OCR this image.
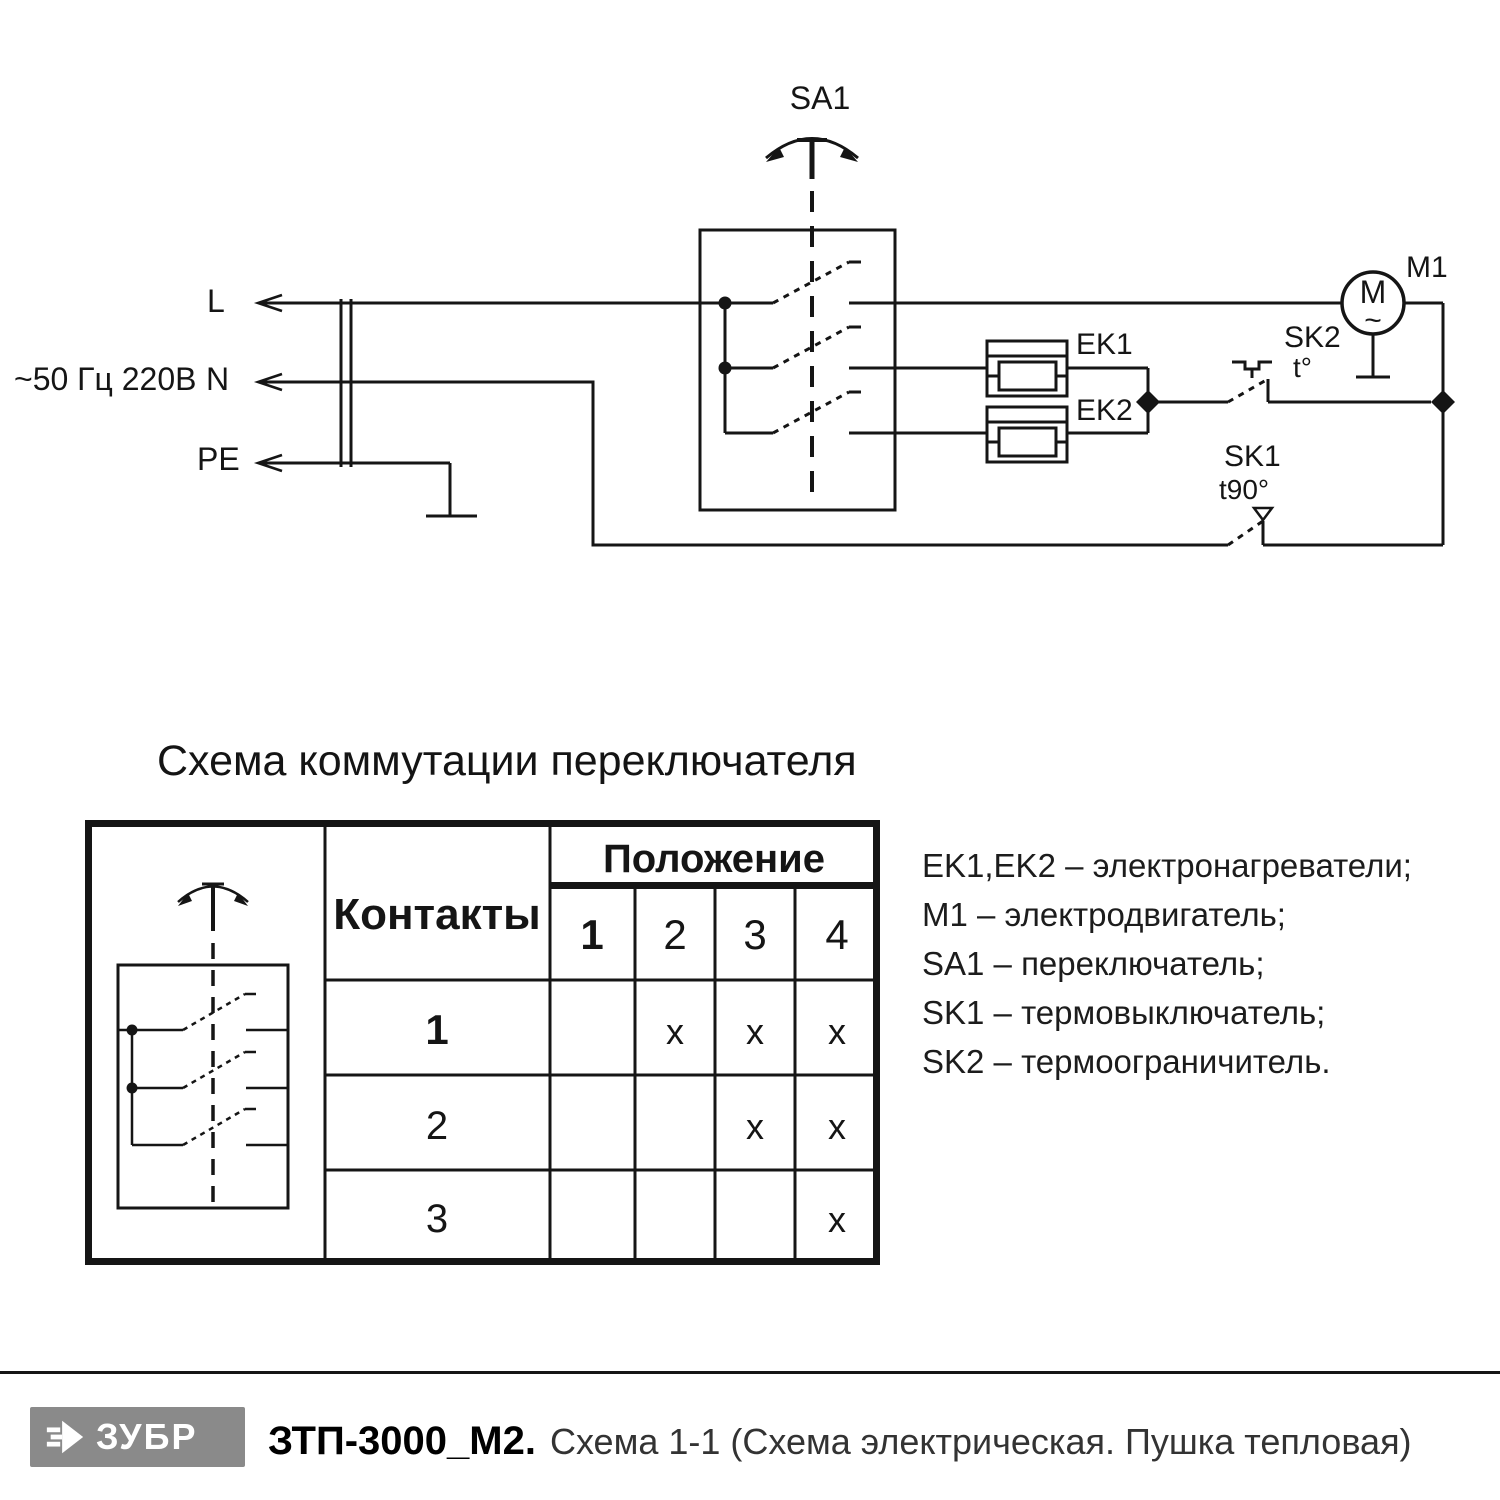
~50 Гц 220В
L
N
PE
SA1
EK1
EK2
SK2
t°
SK1
t90°
M
~
M1
Контакты
Положение
1 2 3 4
1
2
3
x x x
x x
x
Схема коммутации переключателя
EK1,EK2 – электронагреватели;
M1 – электродвигатель;
SA1 – переключатель;
SK1 – термовыключатель;
SK2 – термоограничитель.
ЗУБР ЗТП-3000_М2. Схема 1-1 (Схема электрическая. Пушка тепловая)
